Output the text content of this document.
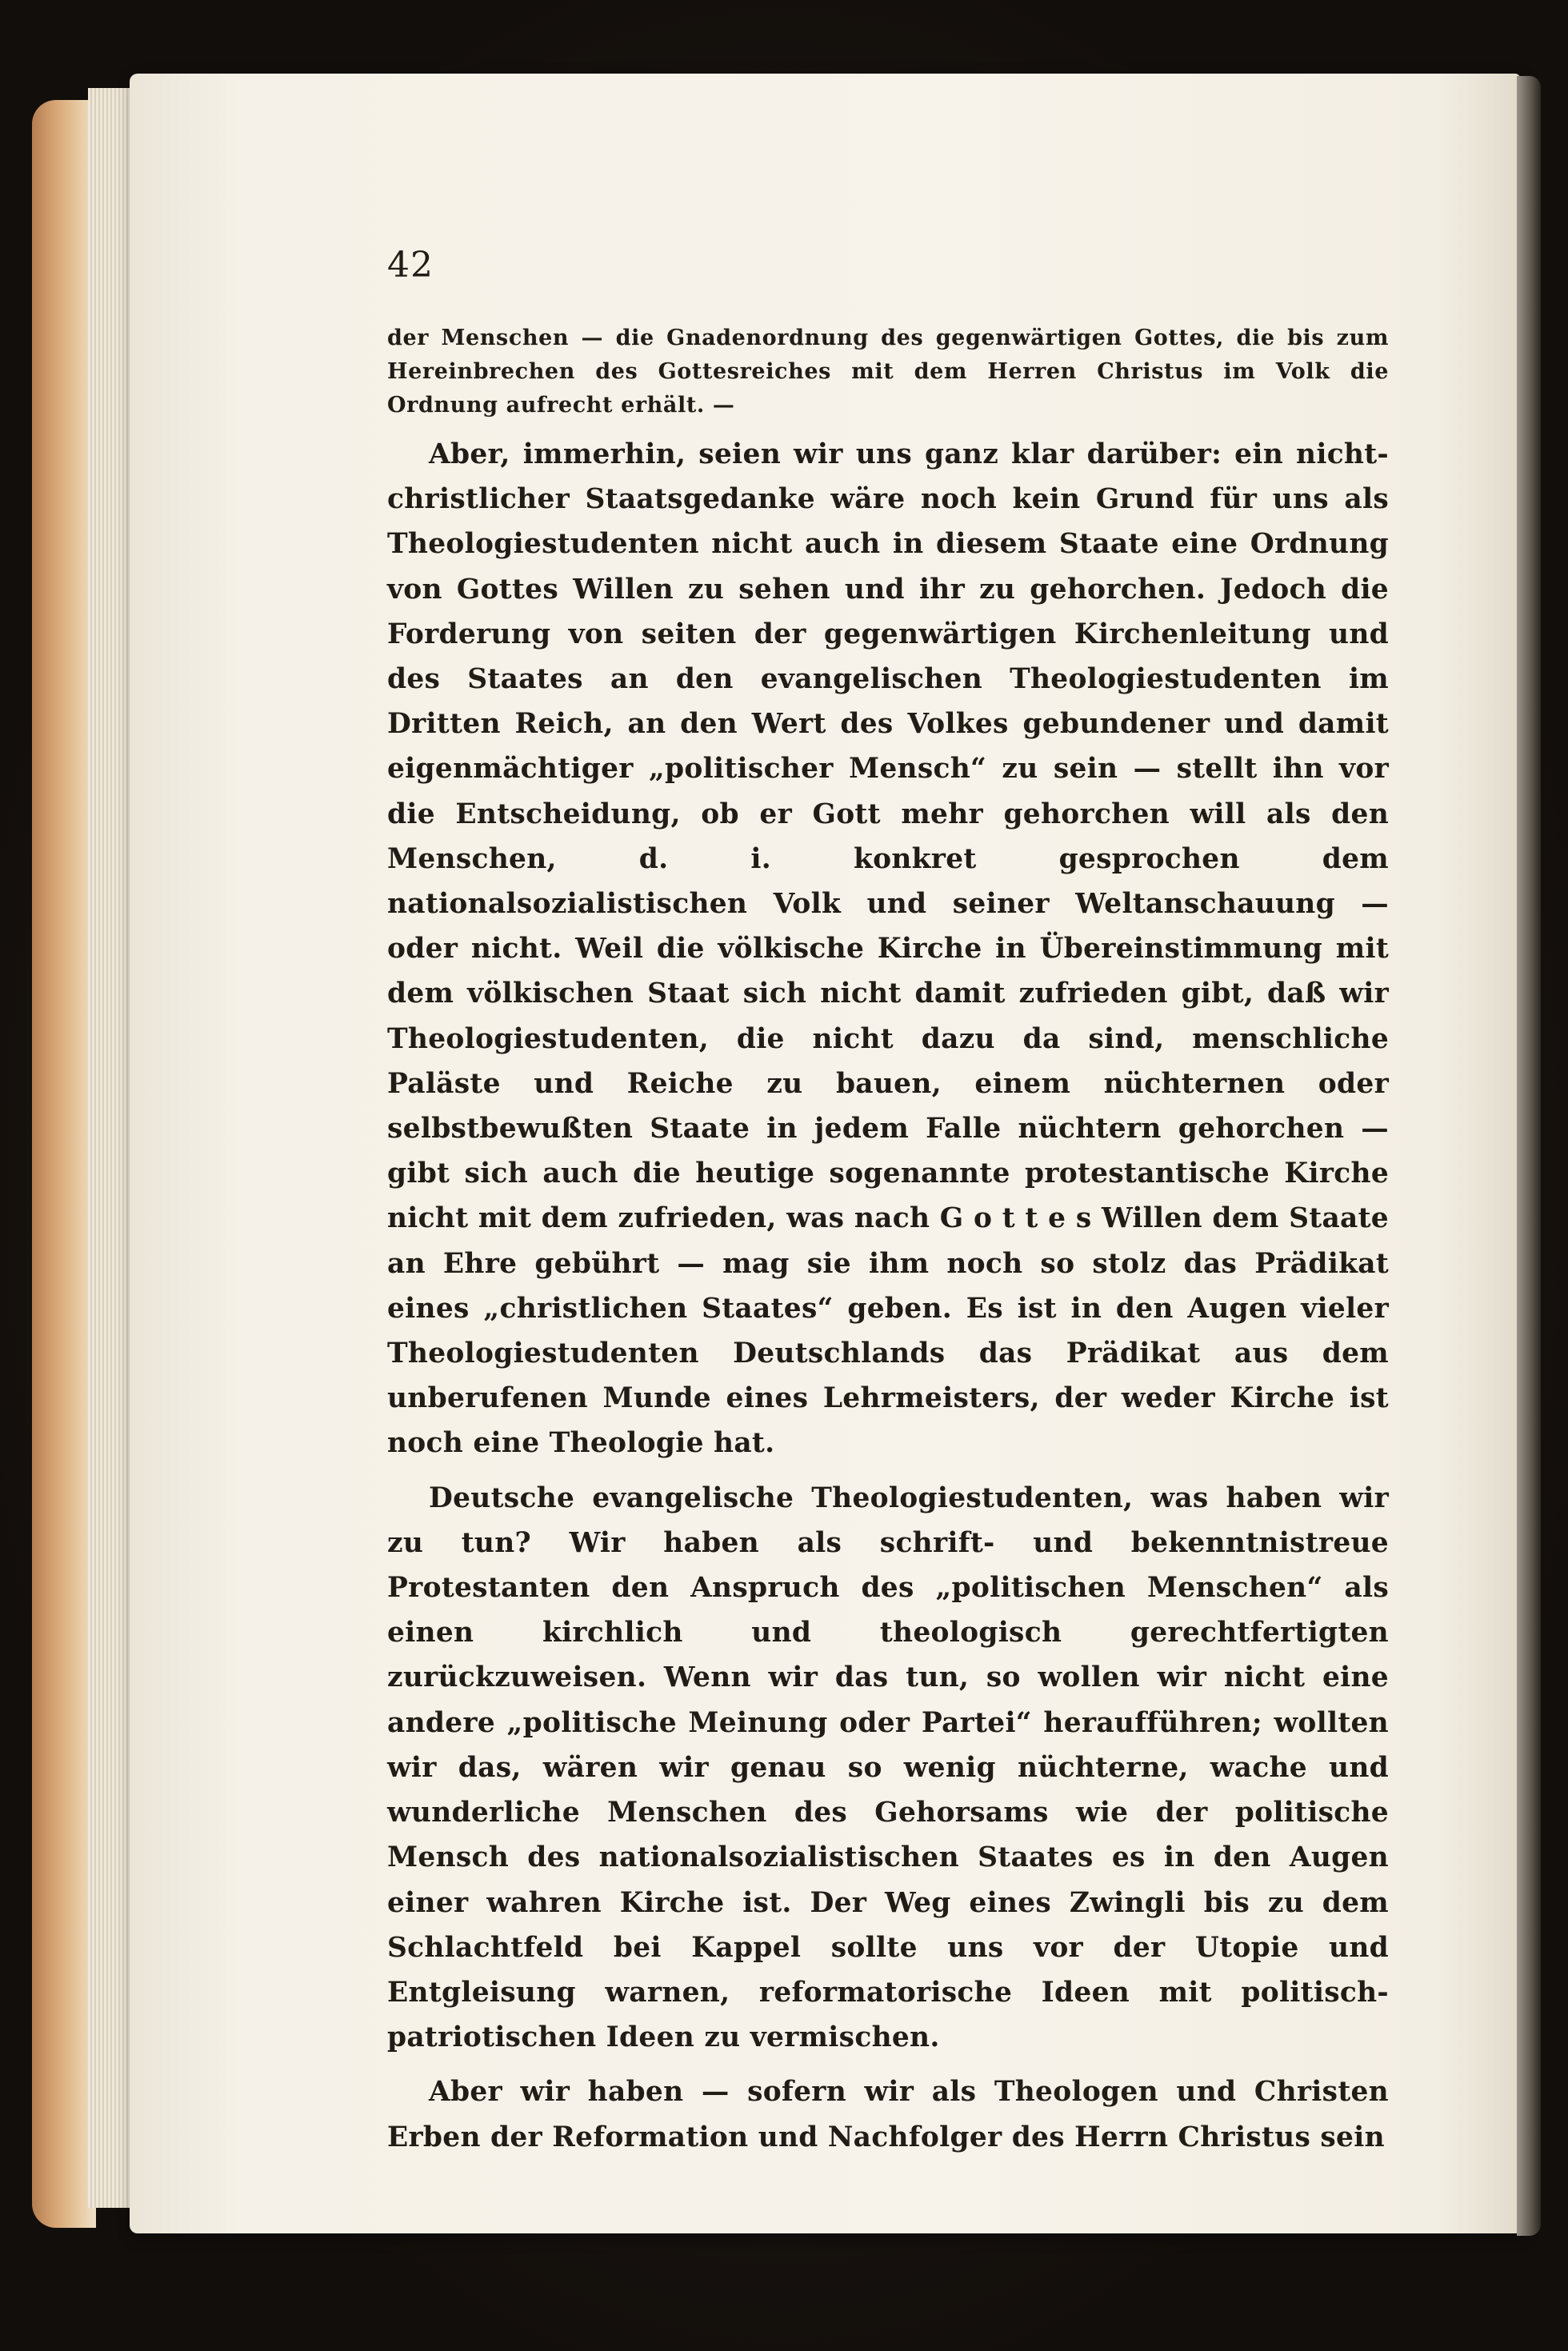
42

der Menschen — die Gnadenordnung des gegenwärtigen Gottes, die bis zum Hereinbrechen des Gottesreiches mit dem Herren Christus im Volk die Ordnung aufrecht erhält. —

Aber, immerhin, seien wir uns ganz klar darüber: ein nicht-christlicher Staatsgedanke wäre noch kein Grund für uns als Theologiestudenten nicht auch in diesem Staate eine Ordnung von Gottes Willen zu sehen und ihr zu gehorchen. Jedoch die Forderung von seiten der gegenwärtigen Kirchenleitung und des Staates an den evangelischen Theologiestudenten im Dritten Reich, an den Wert des Volkes gebundener und damit eigenmächtiger „politischer Mensch“ zu sein — stellt ihn vor die Entscheidung, ob er Gott mehr gehorchen will als den Menschen, d. i. konkret gesprochen dem nationalsozialistischen Volk und seiner Weltanschauung — oder nicht. Weil die völkische Kirche in Übereinstimmung mit dem völkischen Staat sich nicht damit zufrieden gibt, daß wir Theologiestudenten, die nicht dazu da sind, menschliche Paläste und Reiche zu bauen, einem nüchternen oder selbstbewußten Staate in jedem Falle nüchtern gehorchen — gibt sich auch die heutige sogenannte protestantische Kirche nicht mit dem zufrieden, was nach G o t t e s Willen dem Staate an Ehre gebührt — mag sie ihm noch so stolz das Prädikat eines „christlichen Staates“ geben. Es ist in den Augen vieler Theologiestudenten Deutschlands das Prädikat aus dem unberufenen Munde eines Lehrmeisters, der weder Kirche ist noch eine Theologie hat.

Deutsche evangelische Theologiestudenten, was haben wir zu tun? Wir haben als schrift- und bekenntnistreue Protestanten den Anspruch des „politischen Menschen“ als einen kirchlich und theologisch gerechtfertigten zurückzuweisen. Wenn wir das tun, so wollen wir nicht eine andere „politische Meinung oder Partei“ heraufführen; wollten wir das, wären wir genau so wenig nüchterne, wache und wunderliche Menschen des Gehorsams wie der politische Mensch des nationalsozialistischen Staates es in den Augen einer wahren Kirche ist. Der Weg eines Zwingli bis zu dem Schlachtfeld bei Kappel sollte uns vor der Utopie und Entgleisung warnen, reformatorische Ideen mit politisch-patriotischen Ideen zu vermischen.

Aber wir haben — sofern wir als Theologen und Christen Erben der Reformation und Nachfolger des Herrn Christus sein
